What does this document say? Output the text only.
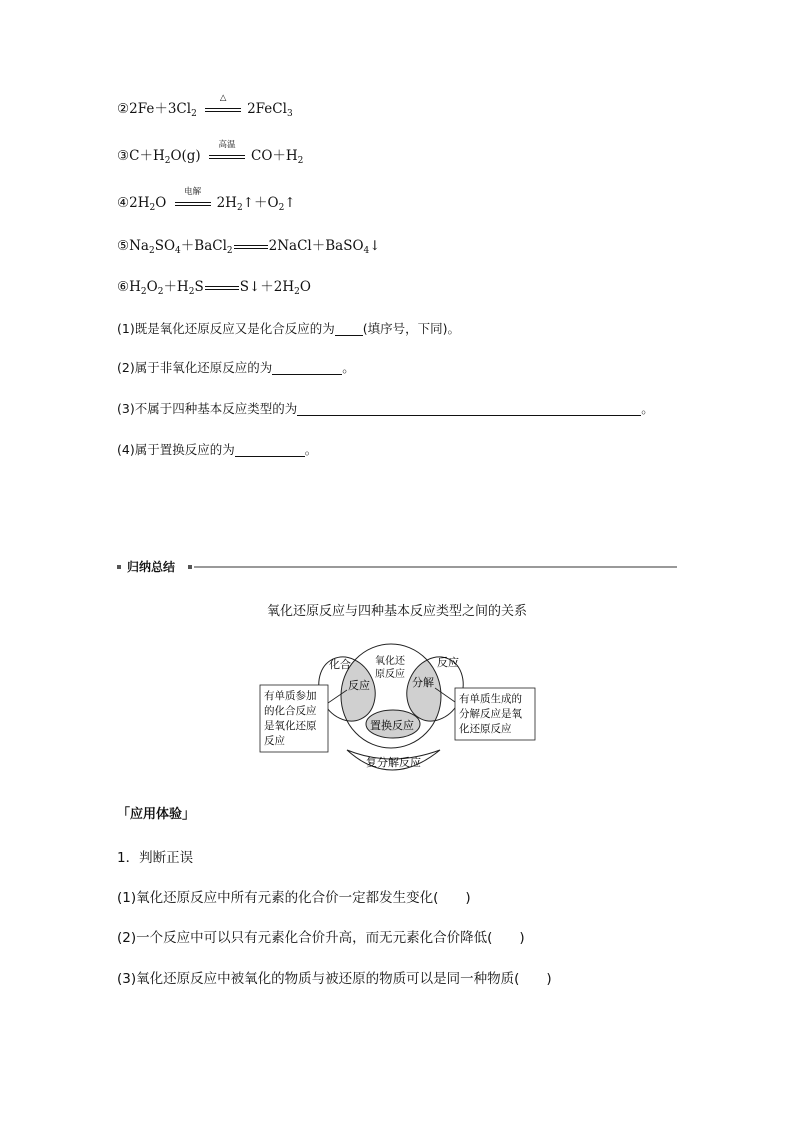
$②2Fe+3Cl_2$
△
2FeCl$_3$
$③C+H_2O(g)$
高温
$CO+H_2$
$④2H_2O$
电解
$2H_2↑+O_2↑$
$⑤Na_2SO_4+BaCl_2$	2NaCl＋BaSO$_4$↓
$⑥H_2O_2+H_2S$	$S↓+2H_2O$
(1)既是氧化还原反应又是化合反应的为 (填序号，下同)。
(2)属于非氧化还原反应的为	。
(3)不属于四种基本反应类型的为	。
(4)属于置换反应的为	。
归纳总结
氧化还原反应与四种基本反应类型之间的关系
化合
反应
氧化还
原反应
反应
分解
置换反应
复分解反应
有单质参加
的化合反应
是氧化还原
反应
有单质生成的
分解反应是氧
化还原反应
「应用体验」
1．判断正误
(1)氧化还原反应中所有元素的化合价一定都发生变化(　　)
(2)一个反应中可以只有元素化合价升高，而无元素化合价降低(　　)
(3)氧化还原反应中被氧化的物质与被还原的物质可以是同一种物质(　　)
